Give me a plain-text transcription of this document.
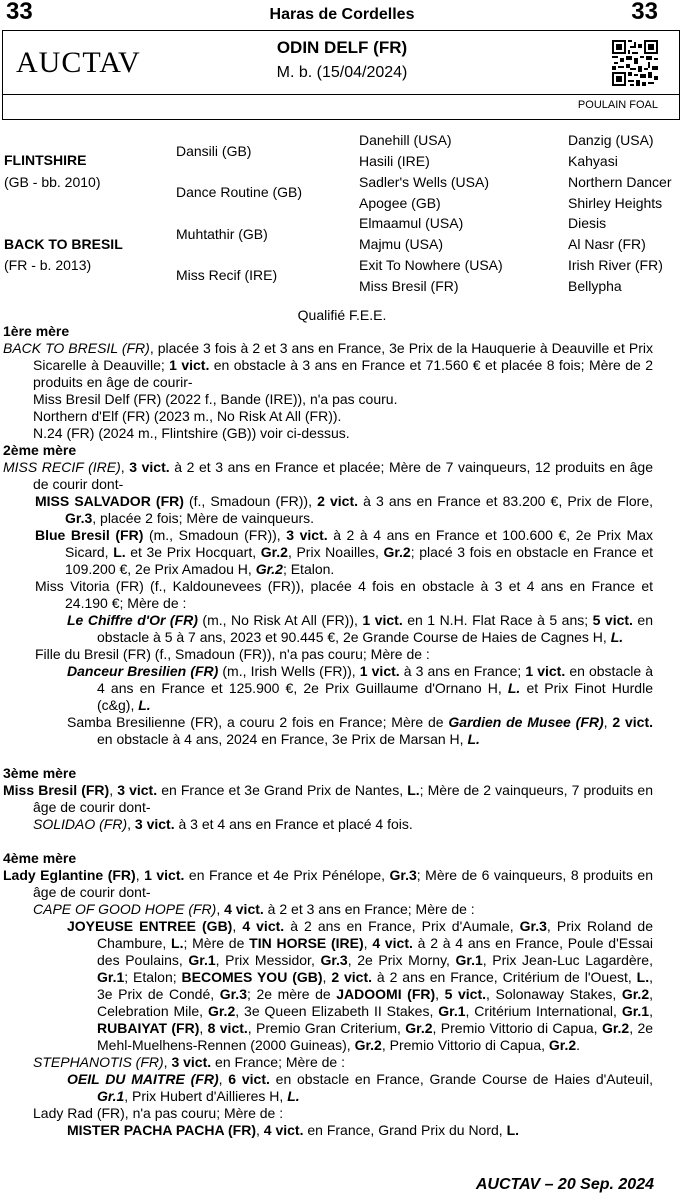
33	33
Haras de Cordelles
AUCTAV	ODIN DELF (FR)
M. b. (15/04/2024)
POULAIN FOAL
FLINTSHIRE
(GB - bb. 2010)
BACK TO BRESIL
(FR - b. 2013)
Dansili (GB)
Dance Routine (GB)
Muhtathir (GB)
Miss Recif (IRE)
Danehill (USA)
Hasili (IRE)
Sadler's Wells (USA)
Apogee (GB)
Elmaamul (USA)
Majmu (USA)
Exit To Nowhere (USA)
Miss Bresil (FR)
Danzig (USA)
Kahyasi
Northern Dancer
Shirley Heights
Diesis
Al Nasr (FR)
Irish River (FR)
Bellypha
Qualifié F.E.E.
1ère mère

BACK TO BRESIL (FR), placée 3 fois à 2 et 3 ans en France, 3e Prix de la Hauquerie à Deauville et Prix Sicarelle à Deauville; 1 vict. en obstacle à 3 ans en France et 71.560 € et placée 8 fois; Mère de 2 produits en âge de courir-

Miss Bresil Delf (FR) (2022 f., Bande (IRE)), n'a pas couru.

Northern d'Elf (FR) (2023 m., No Risk At All (FR)).

N.24 (FR) (2024 m., Flintshire (GB)) voir ci-dessus.

2ème mère

MISS RECIF (IRE), 3 vict. à 2 et 3 ans en France et placée; Mère de 7 vainqueurs, 12 produits en âge de courir dont-

MISS SALVADOR (FR) (f., Smadoun (FR)), 2 vict. à 3 ans en France et 83.200 €, Prix de Flore, Gr.3, placée 2 fois; Mère de vainqueurs.

Blue Bresil (FR) (m., Smadoun (FR)), 3 vict. à 2 à 4 ans en France et 100.600 €, 2e Prix Max Sicard, L. et 3e Prix Hocquart, Gr.2, Prix Noailles, Gr.2; placé 3 fois en obstacle en France et 109.200 €, 2e Prix Amadou H, Gr.2; Etalon.

Miss Vitoria (FR) (f., Kaldounevees (FR)), placée 4 fois en obstacle à 3 et 4 ans en France et 24.190 €; Mère de :

Le Chiffre d'Or (FR) (m., No Risk At All (FR)), 1 vict. en 1 N.H. Flat Race à 5 ans; 5 vict. en obstacle à 5 à 7 ans, 2023 et 90.445 €, 2e Grande Course de Haies de Cagnes H, L.

Fille du Bresil (FR) (f., Smadoun (FR)), n'a pas couru; Mère de :

Danceur Bresilien (FR) (m., Irish Wells (FR)), 1 vict. à 3 ans en France; 1 vict. en obstacle à 4 ans en France et 125.900 €, 2e Prix Guillaume d'Ornano H, L. et Prix Finot Hurdle (c&g), L.

Samba Bresilienne (FR), a couru 2 fois en France; Mère de Gardien de Musee (FR), 2 vict. en obstacle à 4 ans, 2024 en France, 3e Prix de Marsan H, L.

3ème mère

Miss Bresil (FR), 3 vict. en France et 3e Grand Prix de Nantes, L.; Mère de 2 vainqueurs, 7 produits en âge de courir dont-

SOLIDAO (FR), 3 vict. à 3 et 4 ans en France et placé 4 fois.

4ème mère

Lady Eglantine (FR), 1 vict. en France et 4e Prix Pénélope, Gr.3; Mère de 6 vainqueurs, 8 produits en âge de courir dont-

CAPE OF GOOD HOPE (FR), 4 vict. à 2 et 3 ans en France; Mère de :

JOYEUSE ENTREE (GB), 4 vict. à 2 ans en France, Prix d'Aumale, Gr.3, Prix Roland de Chambure, L.; Mère de TIN HORSE (IRE), 4 vict. à 2 à 4 ans en France, Poule d'Essai des Poulains, Gr.1, Prix Messidor, Gr.3, 2e Prix Morny, Gr.1, Prix Jean-Luc Lagardère, Gr.1; Etalon; BECOMES YOU (GB), 2 vict. à 2 ans en France, Critérium de l'Ouest, L., 3e Prix de Condé, Gr.3; 2e mère de JADOOMI (FR), 5 vict., Solonaway Stakes, Gr.2, Celebration Mile, Gr.2, 3e Queen Elizabeth II Stakes, Gr.1, Critérium International, Gr.1, RUBAIYAT (FR), 8 vict., Premio Gran Criterium, Gr.2, Premio Vittorio di Capua, Gr.2, 2e Mehl-Muelhens-Rennen (2000 Guineas), Gr.2, Premio Vittorio di Capua, Gr.2.

STEPHANOTIS (FR), 3 vict. en France; Mère de :

OEIL DU MAITRE (FR), 6 vict. en obstacle en France, Grande Course de Haies d'Auteuil, Gr.1, Prix Hubert d'Aillieres H, L.

Lady Rad (FR), n'a pas couru; Mère de :

MISTER PACHA PACHA (FR), 4 vict. en France, Grand Prix du Nord, L.

AUCTAV – 20 Sep. 2024
